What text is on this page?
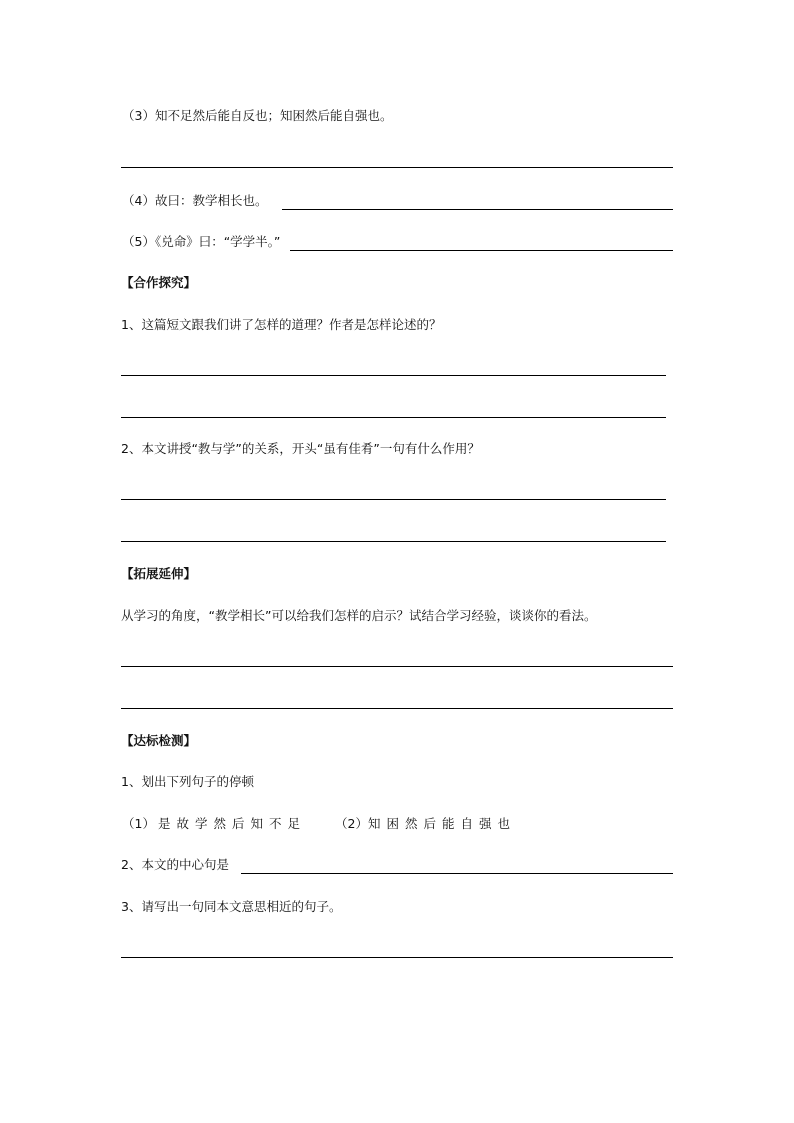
（3）知不足然后能自反也；知困然后能自强也。
（4）故曰：教学相长也。
（5）《兑命》曰：“学学半。”
【合作探究】
1、这篇短文跟我们讲了怎样的道理？作者是怎样论述的？
2、本文讲授“教与学”的关系，开头“虽有佳肴”一句有什么作用？
【拓展延伸】
从学习的角度，“教学相长”可以给我们怎样的启示？试结合学习经验，谈谈你的看法。
【达标检测】
1、划出下列句子的停顿
（1） 是故学然后知不足 （2） 知困然后能自强也
2、本文的中心句是
3、请写出一句同本文意思相近的句子。
